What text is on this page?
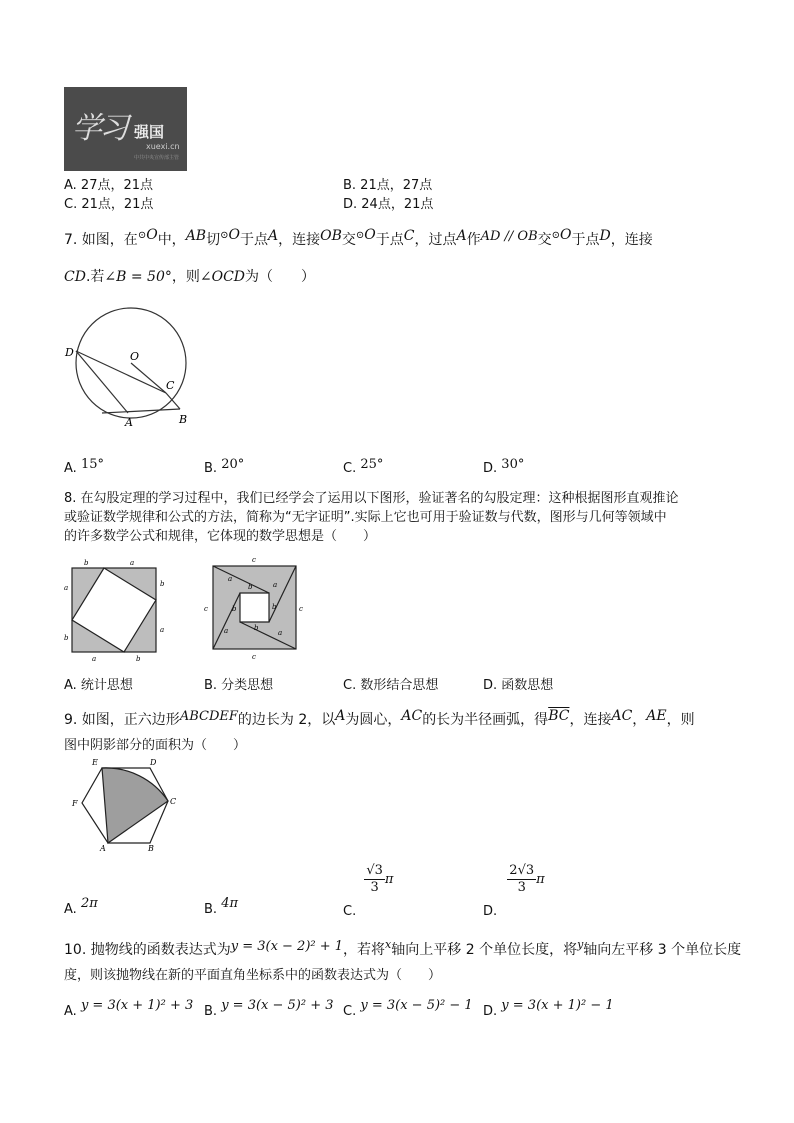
学习 强国
xuexi.cn
中共中央宣传部主管
A. 27点，21点	B. 21点，27点
C. 21点，21点	D. 24点，21点
7. 如图，在⊙O中，AB切⊙O于点A，连接OB交⊙O于点C，过点A作AD // OB交⊙O于点D，连接
CD.若∠B = 50°，则∠OCD为（　　）
D	O
C
A	B
A. 15°	B. 20°	C. 25°	D. 30°
8. 在勾股定理的学习过程中，我们已经学会了运用以下图形，验证著名的勾股定理：这种根据图形直观推论
或验证数学规律和公式的方法，简称为“无字证明”.实际上它也可用于验证数与代数，图形与几何等领域中
的许多数学公式和规律，它体现的数学思想是（　　）
b	a
a
b
b
a
a	b
c
c	c
c
a
b	a
b
b
a	b
a
A. 统计思想	B. 分类思想	C. 数形结合思想	D. 函数思想
9. 如图，正六边形ABCDEF的边长为 2，以A为圆心，AC的长为半径画弧，得$\overline{BC}$，连接AC，AE，则
图中阴影部分的面积为（　　）
E	D
F	C
A	B
A. 2π	B. 4π
C.
$\frac{√3}{3}$ π
D.
$\frac{2√3}{3}$ π
10. 抛物线的函数表达式为y = 3(x − 2)² + 1，若将$^x$轴向上平移 2 个单位长度，将$^y$轴向左平移 3 个单位长度
度，则该抛物线在新的平面直角坐标系中的函数表达式为（　　）
A. y = 3(x + 1)² + 3 B. y = 3(x − 5)² + 3 C. y = 3(x − 5)² − 1 D. y = 3(x + 1)² − 1
